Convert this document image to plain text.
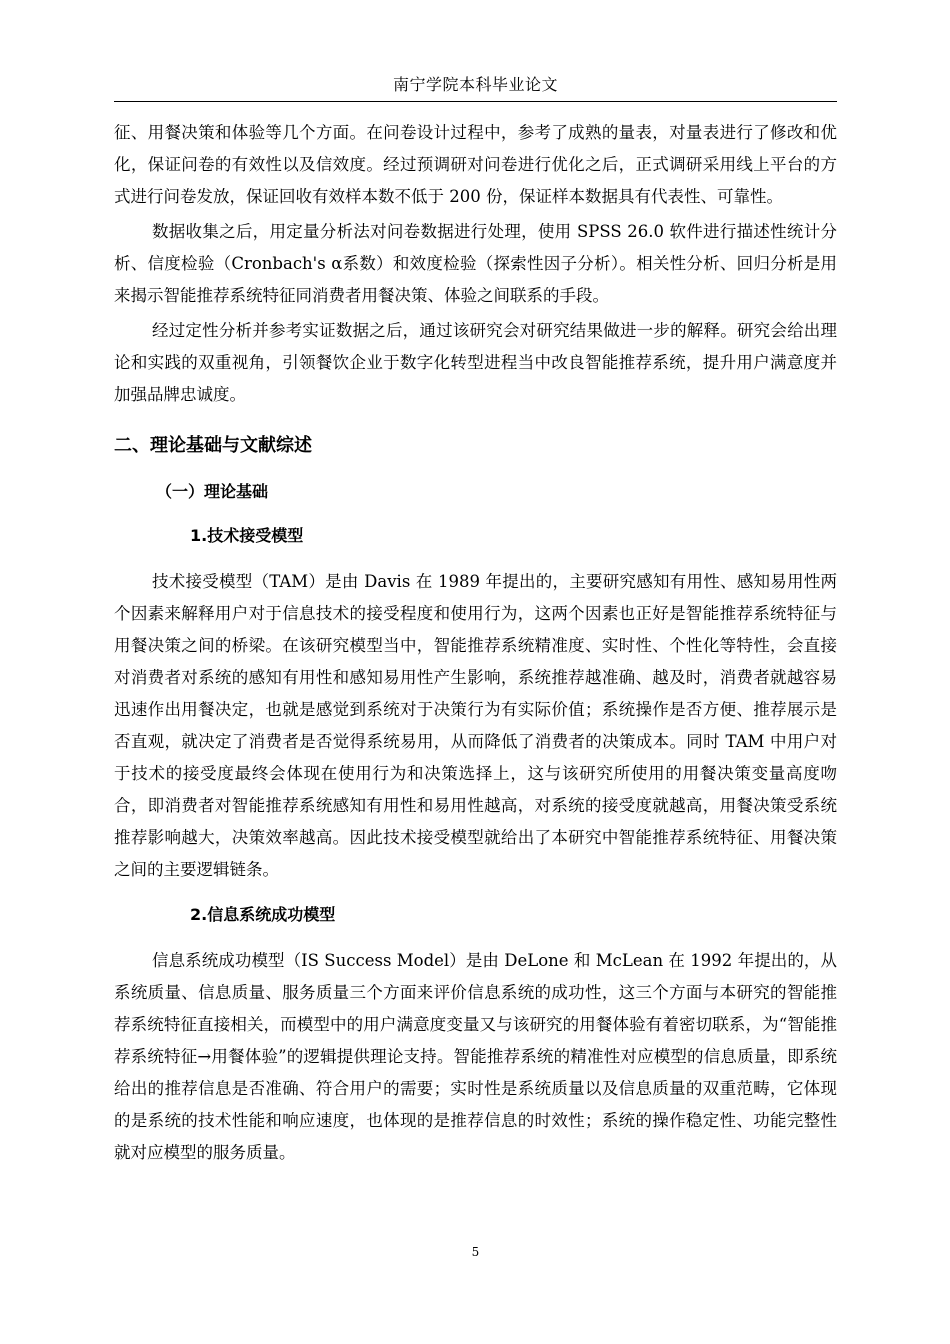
南宁学院本科毕业论文

征、用餐决策和体验等几个方面。在问卷设计过程中，参考了成熟的量表，对量表进行了修改和优化，保证问卷的有效性以及信效度。经过预调研对问卷进行优化之后，正式调研采用线上平台的方式进行问卷发放，保证回收有效样本数不低于 200 份，保证样本数据具有代表性、可靠性。

数据收集之后，用定量分析法对问卷数据进行处理，使用 SPSS 26.0 软件进行描述性统计分析、信度检验（Cronbach's α系数）和效度检验（探索性因子分析）。相关性分析、回归分析是用来揭示智能推荐系统特征同消费者用餐决策、体验之间联系的手段。

经过定性分析并参考实证数据之后，通过该研究会对研究结果做进一步的解释。研究会给出理论和实践的双重视角，引领餐饮企业于数字化转型进程当中改良智能推荐系统，提升用户满意度并加强品牌忠诚度。

二、理论基础与文献综述
（一）理论基础
1.技术接受模型

技术接受模型（TAM）是由 Davis 在 1989 年提出的，主要研究感知有用性、感知易用性两个因素来解释用户对于信息技术的接受程度和使用行为，这两个因素也正好是智能推荐系统特征与用餐决策之间的桥梁。在该研究模型当中，智能推荐系统精准度、实时性、个性化等特性，会直接对消费者对系统的感知有用性和感知易用性产生影响，系统推荐越准确、越及时，消费者就越容易迅速作出用餐决定，也就是感觉到系统对于决策行为有实际价值；系统操作是否方便、推荐展示是否直观，就决定了消费者是否觉得系统易用，从而降低了消费者的决策成本。同时 TAM 中用户对于技术的接受度最终会体现在使用行为和决策选择上，这与该研究所使用的用餐决策变量高度吻合，即消费者对智能推荐系统感知有用性和易用性越高，对系统的接受度就越高，用餐决策受系统推荐影响越大，决策效率越高。因此技术接受模型就给出了本研究中智能推荐系统特征、用餐决策之间的主要逻辑链条。

2.信息系统成功模型

信息系统成功模型（IS Success Model）是由 DeLone 和 McLean 在 1992 年提出的，从系统质量、信息质量、服务质量三个方面来评价信息系统的成功性，这三个方面与本研究的智能推荐系统特征直接相关，而模型中的用户满意度变量又与该研究的用餐体验有着密切联系，为“智能推荐系统特征→用餐体验”的逻辑提供理论支持。智能推荐系统的精准性对应模型的信息质量，即系统给出的推荐信息是否准确、符合用户的需要；实时性是系统质量以及信息质量的双重范畴，它体现的是系统的技术性能和响应速度，也体现的是推荐信息的时效性；系统的操作稳定性、功能完整性就对应模型的服务质量。

5
